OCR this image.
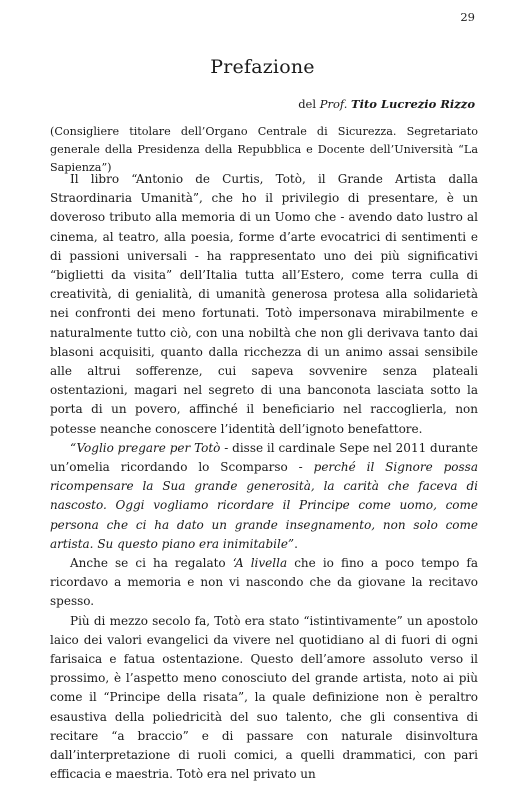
29
Prefazione
del Prof. Tito Lucrezio Rizzo
(Consigliere titolare dell’Organo Centrale di Sicurezza. Segretariato generale della Presidenza della Repubblica e Docente dell’Università “La Sapienza”)

Il libro “Antonio de Curtis, Totò, il Grande Artista dalla Straordinaria Umanità”, che ho il privilegio di presentare, è un doveroso tributo alla memoria di un Uomo che - avendo dato lustro al cinema, al teatro, alla poesia, forme d’arte evocatrici di sentimenti e di passioni universali - ha rappresentato uno dei più significativi “biglietti da visita” dell’Italia tutta all’Estero, come terra culla di creatività, di genialità, di umanità generosa protesa alla solidarietà nei confronti dei meno fortunati. Totò impersonava mirabilmente e naturalmente tutto ciò, con una nobiltà che non gli derivava tanto dai blasoni acquisiti, quanto dalla ricchezza di un animo assai sensibile alle altrui sofferenze, cui sapeva sovvenire senza plateali ostentazioni, magari nel segreto di una banconota lasciata sotto la porta di un povero, affinché il beneficiario nel raccoglierla, non potesse neanche conoscere l’identità dell’ignoto benefattore.

“Voglio pregare per Totò - disse il cardinale Sepe nel 2011 durante un’omelia ricordando lo Scomparso - perché il Signore possa ricompensare la Sua grande generosità, la carità che faceva di nascosto. Oggi vogliamo ricordare il Principe come uomo, come persona che ci ha dato un grande insegnamento, non solo come artista. Su questo piano era inimitabile”.

Anche se ci ha regalato ‘A livella che io fino a poco tempo fa ricordavo a memoria e non vi nascondo che da giovane la recitavo spesso.

Più di mezzo secolo fa, Totò era stato “istintivamente” un apostolo laico dei valori evangelici da vivere nel quotidiano al di fuori di ogni farisaica e fatua ostentazione. Questo dell’amore assoluto verso il prossimo, è l’aspetto meno conosciuto del grande artista, noto ai più come il “Principe della risata”, la quale definizione non è peraltro esaustiva della poliedricità del suo talento, che gli consentiva di recitare “a braccio” e di passare con naturale disinvoltura dall’interpretazione di ruoli comici, a quelli drammatici, con pari efficacia e maestria. Totò era nel privato un
